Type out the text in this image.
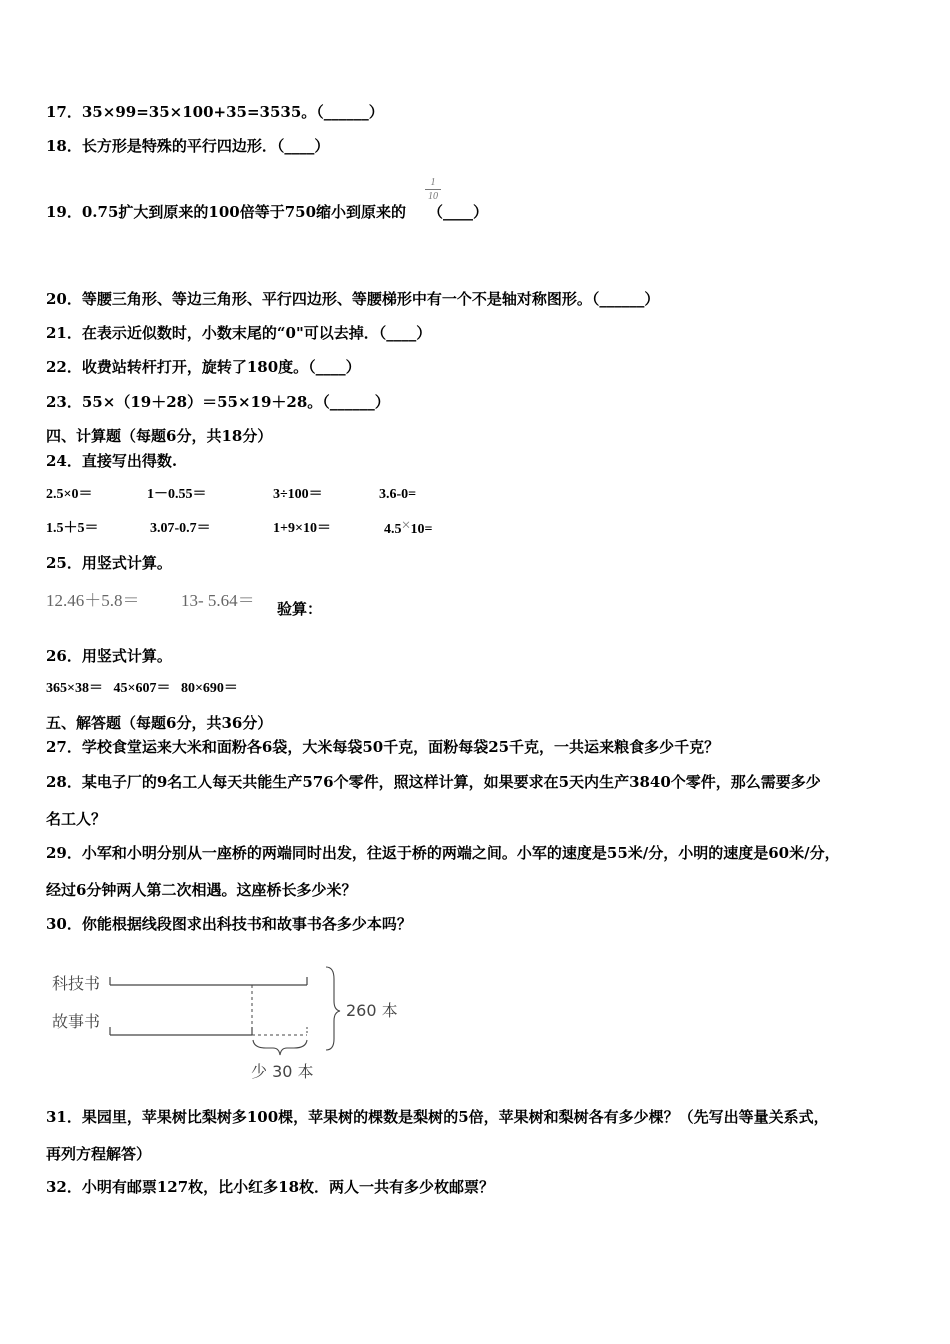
17．35×99=35×100+35=3535。（______）
18．长方形是特殊的平行四边形．（____）
19．0.75扩大到原来的100倍等于750缩小到原来的 （____）
1
10
20．等腰三角形、等边三角形、平行四边形、等腰梯形中有一个不是轴对称图形。（______）
21．在表示近似数时，小数末尾的“0"可以去掉．（____）
22．收费站转杆打开，旋转了180度。（____）
23．55×（19＋28）＝55×19＋28。（______）
四、计算题（每题6分，共18分）
24．直接写出得数.
2.5×0＝	1－0.55＝	3÷100＝	3.6-0=
1.5＋5＝	3.07-0.7＝	1+9×10＝	4.5×10=
25．用竖式计算。
12.46＋5.8＝ 13- 5.64＝ 验算：
26．用竖式计算。
365×38＝   45×607＝   80×690＝
五、解答题（每题6分，共36分）
27．学校食堂运来大米和面粉各6袋，大米每袋50千克，面粉每袋25千克，一共运来粮食多少千克？
28．某电子厂的9名工人每天共能生产576个零件，照这样计算，如果要求在5天内生产3840个零件，那么需要多少
名工人？
29．小军和小明分别从一座桥的两端同时出发，往返于桥的两端之间。小军的速度是55米/分，小明的速度是60米/分，
经过6分钟两人第二次相遇。这座桥长多少米？
30．你能根据线段图求出科技书和故事书各多少本吗？
科技书
故事书
少 30 本
260 本
31．果园里，苹果树比梨树多100棵，苹果树的棵数是梨树的5倍，苹果树和梨树各有多少棵？（先写出等量关系式，
再列方程解答）
32．小明有邮票127枚，比小红多18枚．两人一共有多少枚邮票？
